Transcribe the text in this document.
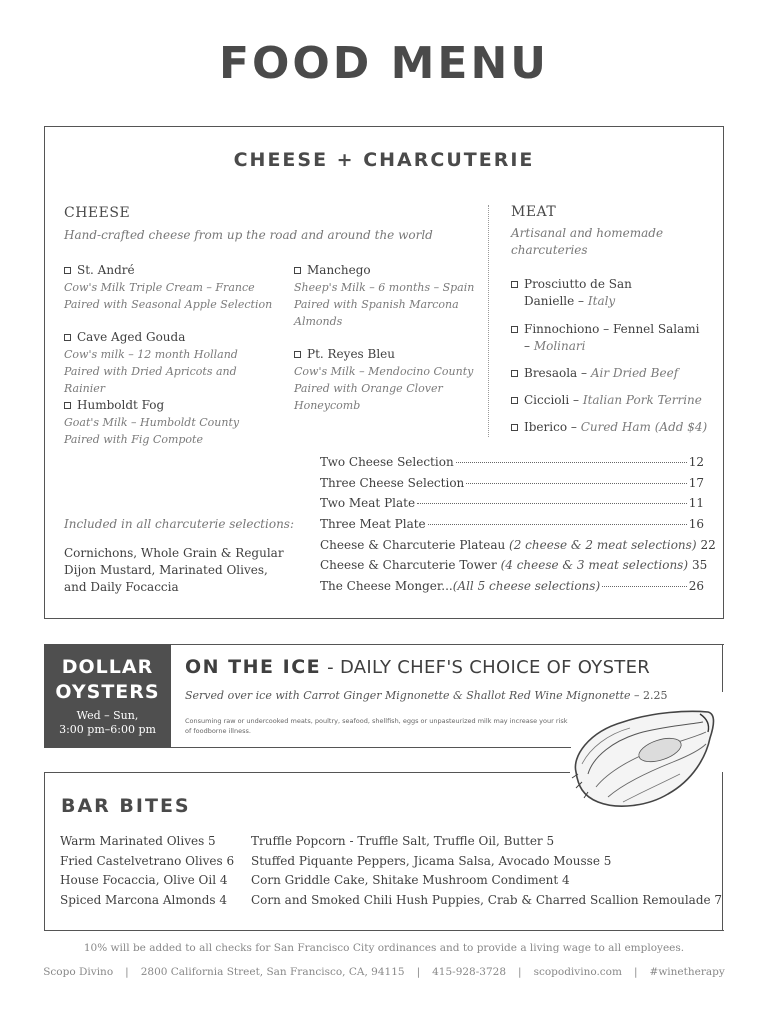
FOOD MENU
CHEESE + CHARCUTERIE
CHEESE
Hand-crafted cheese from up the road and around the world
St. André
Cow's Milk Triple Cream – France
Paired with Seasonal Apple Selection
Cave Aged Gouda
Cow's milk – 12 month Holland
Paired with Dried Apricots and Rainier
Humboldt Fog
Goat's Milk – Humboldt County
Paired with Fig Compote
Manchego
Sheep's Milk – 6 months – Spain
Paired with Spanish Marcona
Almonds
Pt. Reyes Bleu
Cow's Milk – Mendocino County
Paired with Orange Clover
Honeycomb
MEAT
Artisanal and homemade
charcuteries
Prosciutto de San
Danielle – Italy
Finnochiono – Fennel Salami
– Molinari
Bresaola – Air Dried Beef
Ciccioli – Italian Pork Terrine
Iberico – Cured Ham (Add $4)
Included in all charcuterie selections:
Cornichons, Whole Grain & Regular Dijon Mustard, Marinated Olives, and Daily Focaccia
Two Cheese Selection	12
Three Cheese Selection	17
Two Meat Plate	11
Three Meat Plate	16
Cheese & Charcuterie Plateau (2 cheese & 2 meat selections) 22
Cheese & Charcuterie Tower (4 cheese & 3 meat selections) 35
The Cheese Monger...(All 5 cheese selections)	26
DOLLAR
OYSTERS
Wed – Sun,
3:00 pm–6:00 pm
ON THE ICE - DAILY CHEF'S CHOICE OF OYSTER
Served over ice with Carrot Ginger Mignonette & Shallot Red Wine Mignonette – 2.25
Consuming raw or undercooked meats, poultry, seafood, shellfish, eggs or unpasteurized milk may increase your risk of foodborne illness.
BAR BITES
Warm Marinated Olives 5
Fried Castelvetrano Olives 6
House Focaccia, Olive Oil 4
Spiced Marcona Almonds 4
Truffle Popcorn - Truffle Salt, Truffle Oil, Butter 5
Stuffed Piquante Peppers, Jicama Salsa, Avocado Mousse 5
Corn Griddle Cake, Shitake Mushroom Condiment 4
Corn and Smoked Chili Hush Puppies, Crab & Charred Scallion Remoulade 7
10% will be added to all checks for San Francisco City ordinances and to provide a living wage to all employees.
Scopo Divino | 2800 California Street, San Francisco, CA, 94115 | 415-928-3728 | scopodivino.com | #winetherapy
